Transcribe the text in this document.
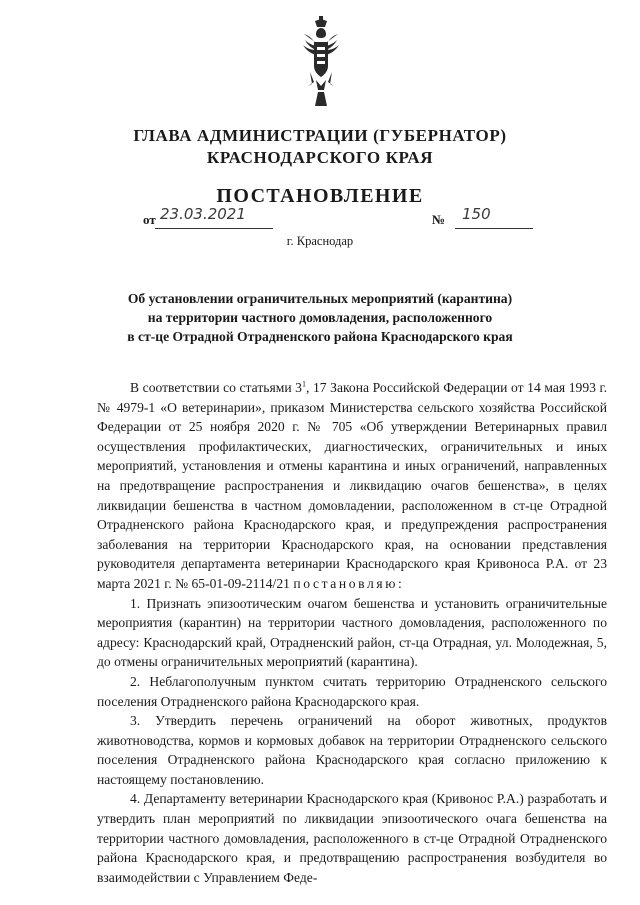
ГЛАВА АДМИНИСТРАЦИИ (ГУБЕРНАТОР)
КРАСНОДАРСКОГО КРАЯ
ПОСТАНОВЛЕНИЕ
от 23.03.2021	№ 150
г. Краснодар
Об установлении ограничительных мероприятий (карантина)
на территории частного домовладения, расположенного
в ст-це Отрадной Отрадненского района Краснодарского края
В соответствии со статьями $3^1$, 17 Закона Российской Федерации от 14 мая 1993 г. № 4979-1 «О ветеринарии», приказом Министерства сельского хозяйства Российской Федерации от 25 ноября 2020 г. № 705 «Об утверждении Ветеринарных правил осуществления профилактических, диагностических, ограничительных и иных мероприятий, установления и отмены карантина и иных ограничений, направленных на предотвращение распространения и ликвидацию очагов бешенства», в целях ликвидации бешенства в частном домовладении, расположенном в ст-це Отрадной Отрадненского района Краснодарского края, и предупреждения распространения заболевания на территории Краснодарского края, на основании представления руководителя департамента ветеринарии Краснодарского края Кривоноса Р.А. от 23 марта 2021 г. № 65-01-09-2114/21 постановляю:
1. Признать эпизоотическим очагом бешенства и установить ограничительные мероприятия (карантин) на территории частного домовладения, расположенного по адресу: Краснодарский край, Отрадненский район, ст-ца Отрадная, ул. Молодежная, 5, до отмены ограничительных мероприятий (карантина).
2. Неблагополучным пунктом считать территорию Отрадненского сельского поселения Отрадненского района Краснодарского края.
3. Утвердить перечень ограничений на оборот животных, продуктов животноводства, кормов и кормовых добавок на территории Отрадненского сельского поселения Отрадненского района Краснодарского края согласно приложению к настоящему постановлению.
4. Департаменту ветеринарии Краснодарского края (Кривонос Р.А.) разработать и утвердить план мероприятий по ликвидации эпизоотического очага бешенства на территории частного домовладения, расположенного в ст-це Отрадной Отрадненского района Краснодарского края, и предотвращению распространения возбудителя во взаимодействии с Управлением Феде-
